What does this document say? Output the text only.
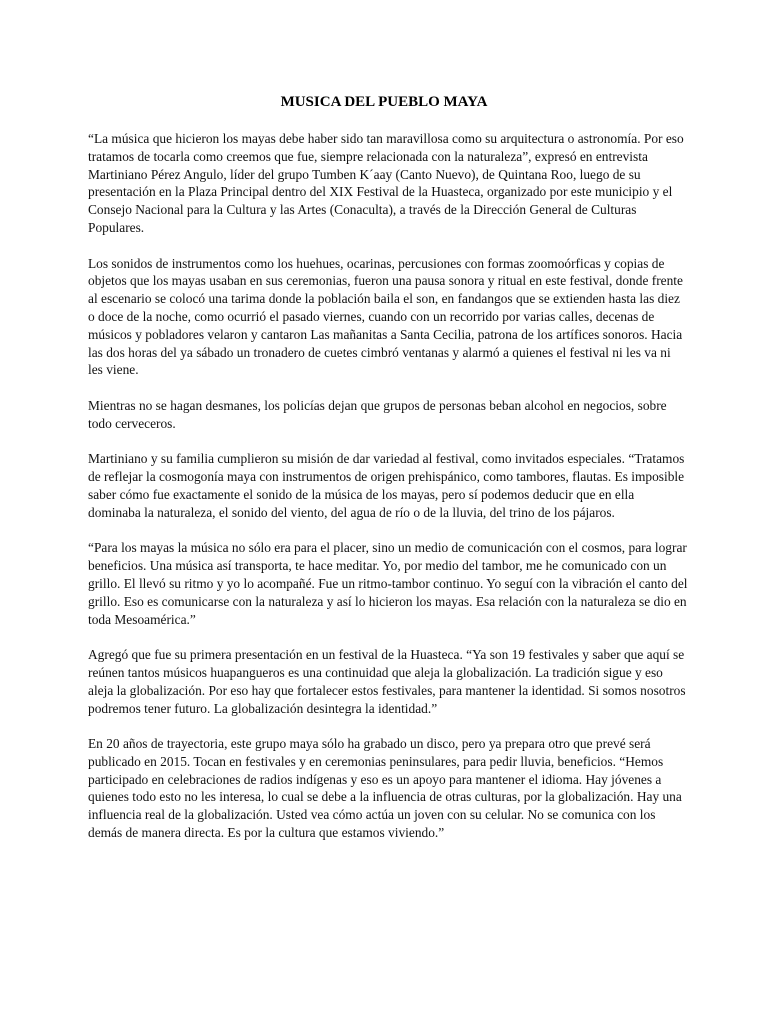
MUSICA DEL PUEBLO MAYA

“La música que hicieron los mayas debe haber sido tan maravillosa como su arquitectura o astronomía. Por eso tratamos de tocarla como creemos que fue, siempre relacionada con la naturaleza”, expresó en entrevista Martiniano Pérez Angulo, líder del grupo Tumben K´aay (Canto Nuevo), de Quintana Roo, luego de su presentación en la Plaza Principal dentro del XIX Festival de la Huasteca, organizado por este municipio y el Consejo Nacional para la Cultura y las Artes (Conaculta), a través de la Dirección General de Culturas Populares.

Los sonidos de instrumentos como los huehues, ocarinas, percusiones con formas zoomoórficas y copias de objetos que los mayas usaban en sus ceremonias, fueron una pausa sonora y ritual en este festival, donde frente al escenario se colocó una tarima donde la población baila el son, en fandangos que se extienden hasta las diez o doce de la noche, como ocurrió el pasado viernes, cuando con un recorrido por varias calles, decenas de músicos y pobladores velaron y cantaron Las mañanitas a Santa Cecilia, patrona de los artífices sonoros. Hacia las dos horas del ya sábado un tronadero de cuetes cimbró ventanas y alarmó a quienes el festival ni les va ni les viene.

Mientras no se hagan desmanes, los policías dejan que grupos de personas beban alcohol en negocios, sobre todo cerveceros.

Martiniano y su familia cumplieron su misión de dar variedad al festival, como invitados especiales. “Tratamos de reflejar la cosmogonía maya con instrumentos de origen prehispánico, como tambores, flautas. Es imposible saber cómo fue exactamente el sonido de la música de los mayas, pero sí podemos deducir que en ella dominaba la naturaleza, el sonido del viento, del agua de río o de la lluvia, del trino de los pájaros.

“Para los mayas la música no sólo era para el placer, sino un medio de comunicación con el cosmos, para lograr beneficios. Una música así transporta, te hace meditar. Yo, por medio del tambor, me he comunicado con un grillo. El llevó su ritmo y yo lo acompañé. Fue un ritmo-tambor continuo. Yo seguí con la vibración el canto del grillo. Eso es comunicarse con la naturaleza y así lo hicieron los mayas. Esa relación con la naturaleza se dio en toda Mesoamérica.”

Agregó que fue su primera presentación en un festival de la Huasteca. “Ya son 19 festivales y saber que aquí se reúnen tantos músicos huapangueros es una continuidad que aleja la globalización. La tradición sigue y eso aleja la globalización. Por eso hay que fortalecer estos festivales, para mantener la identidad. Si somos nosotros podremos tener futuro. La globalización desintegra la identidad.”

En 20 años de trayectoria, este grupo maya sólo ha grabado un disco, pero ya prepara otro que prevé será publicado en 2015. Tocan en festivales y en ceremonias peninsulares, para pedir lluvia, beneficios. “Hemos participado en celebraciones de radios indígenas y eso es un apoyo para mantener el idioma. Hay jóvenes a quienes todo esto no les interesa, lo cual se debe a la influencia de otras culturas, por la globalización. Hay una influencia real de la globalización. Usted vea cómo actúa un joven con su celular. No se comunica con los demás de manera directa. Es por la cultura que estamos viviendo.”
